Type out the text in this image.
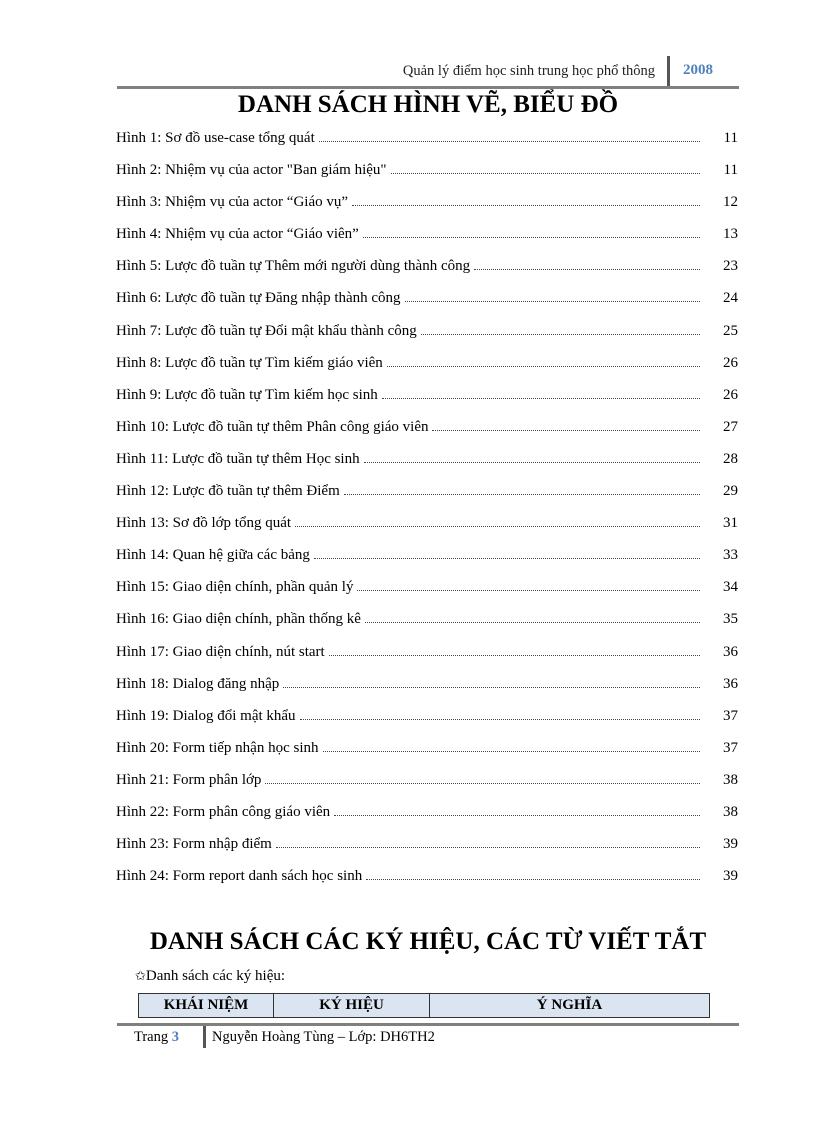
Quản lý điểm học sinh trung học phổ thông 2008
DANH SÁCH HÌNH VẼ, BIỂU ĐỒ
Hình 1: Sơ đồ use-case tổng quát	11
Hình 2: Nhiệm vụ của actor "Ban giám hiệu"	11
Hình 3: Nhiệm vụ của actor “Giáo vụ”	12
Hình 4: Nhiệm vụ của actor “Giáo viên”	13
Hình 5: Lược đồ tuần tự Thêm mới người dùng thành công	23
Hình 6: Lược đồ tuần tự Đăng nhập thành công	24
Hình 7: Lược đồ tuần tự Đổi mật khẩu thành công	25
Hình 8: Lược đồ tuần tự Tìm kiếm giáo viên	26
Hình 9: Lược đồ tuần tự Tìm kiếm học sinh	26
Hình 10: Lược đồ tuần tự thêm Phân công giáo viên	27
Hình 11: Lược đồ tuần tự thêm Học sinh	28
Hình 12: Lược đồ tuần tự thêm Điểm	29
Hình 13: Sơ đồ lớp tổng quát	31
Hình 14: Quan hệ giữa các bảng	33
Hình 15: Giao diện chính, phần quản lý	34
Hình 16: Giao diện chính, phần thống kê	35
Hình 17: Giao diện chính, nút start	36
Hình 18: Dialog đăng nhập	36
Hình 19: Dialog đổi mật khẩu	37
Hình 20: Form tiếp nhận học sinh	37
Hình 21: Form phân lớp	38
Hình 22: Form phân công giáo viên	38
Hình 23: Form nhập điểm	39
Hình 24: Form report danh sách học sinh	39
DANH SÁCH CÁC KÝ HIỆU, CÁC TỪ VIẾT TẮT
✩Danh sách các ký hiệu:
KHÁI NIỆM	KÝ HIỆU	Ý NGHĨA
Trang 3 Nguyễn Hoàng Tùng – Lớp: DH6TH2
